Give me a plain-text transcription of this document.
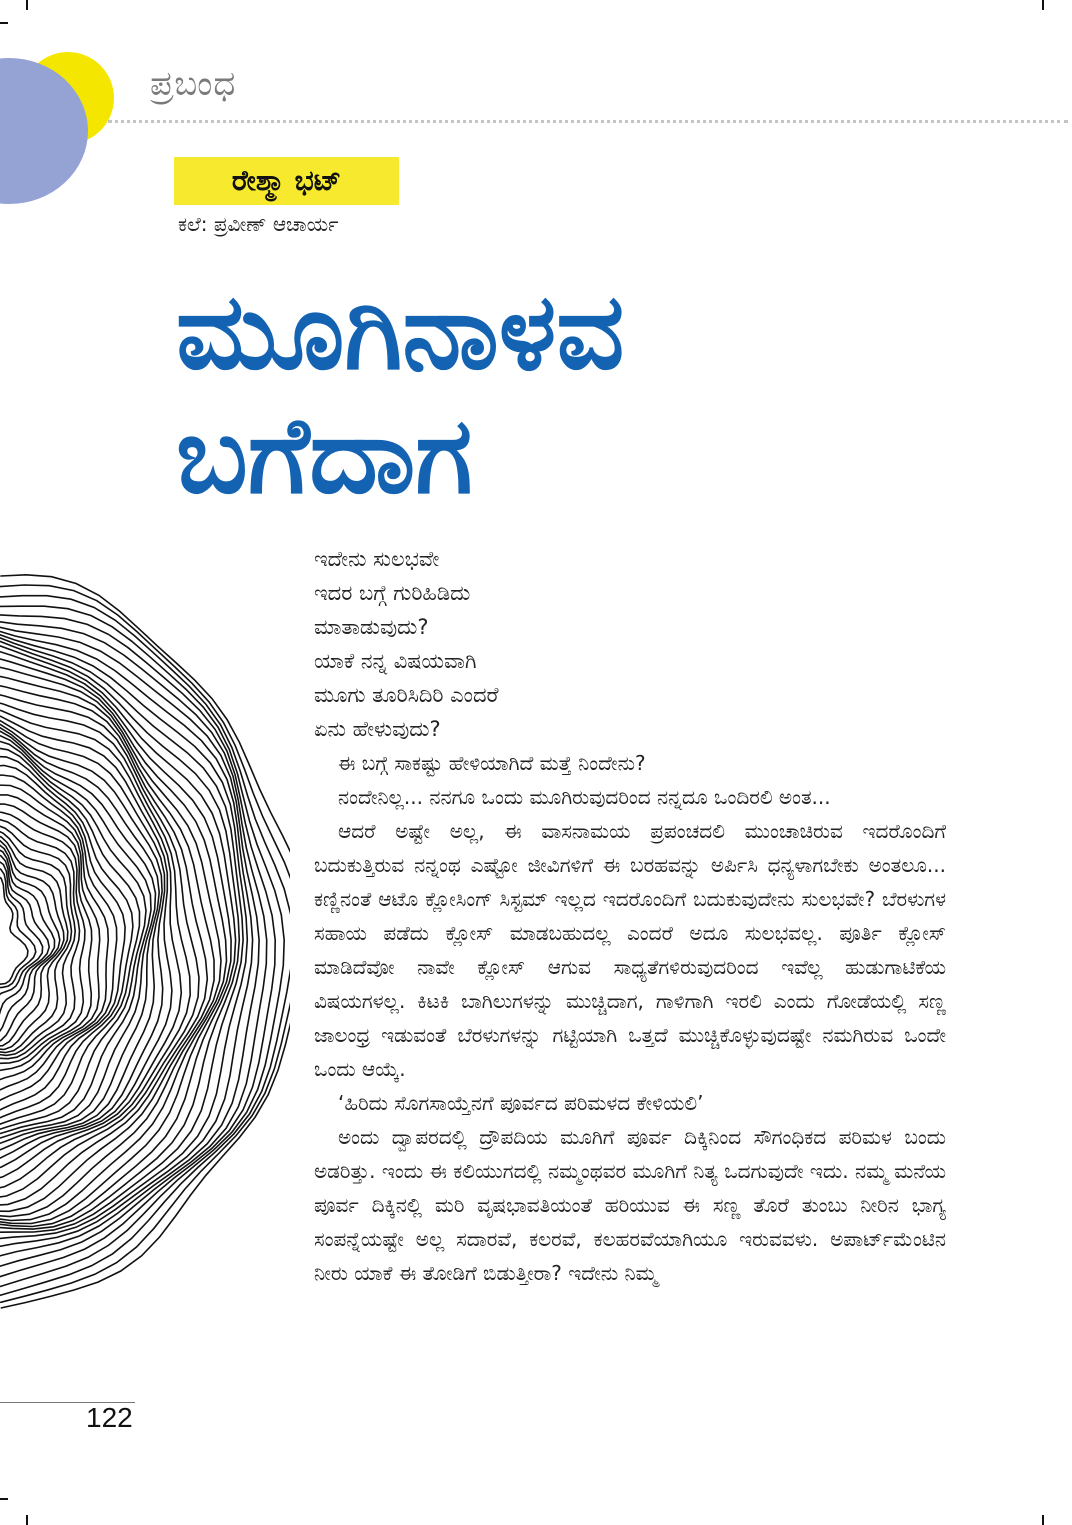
ಪ್ರಬಂಧ
ರೇಶ್ಮಾ ಭಟ್
ಕಲೆ: ಪ್ರವೀಣ್ ಆಚಾರ್ಯ
ಮೂಗಿನಾಳವ
ಬಗೆದಾಗ
ಇದೇನು ಸುಲಭವೇ
ಇದರ ಬಗ್ಗೆ ಗುರಿಹಿಡಿದು
ಮಾತಾಡುವುದು?
ಯಾಕೆ ನನ್ನ ವಿಷಯವಾಗಿ
ಮೂಗು ತೂರಿಸಿದಿರಿ ಎಂದರೆ
ಏನು ಹೇಳುವುದು?

ಈ ಬಗ್ಗೆ ಸಾಕಷ್ಟು ಹೇಳಿಯಾಗಿದೆ ಮತ್ತೆ ನಿಂದೇನು?

ನಂದೇನಿಲ್ಲ... ನನಗೂ ಒಂದು ಮೂಗಿರುವುದರಿಂದ ನನ್ನದೂ ಒಂದಿರಲಿ ಅಂತ...

ಆದರೆ ಅಷ್ಟೇ ಅಲ್ಲ, ಈ ವಾಸನಾಮಯ ಪ್ರಪಂಚದಲಿ ಮುಂಚಾಚಿರುವ ಇದರೊಂದಿಗೆ ಬದುಕುತ್ತಿರುವ ನನ್ನಂಥ ಎಷ್ಟೋ ಜೀವಿಗಳಿಗೆ ಈ ಬರಹವನ್ನು ಅರ್ಪಿಸಿ ಧನ್ಯಳಾಗಬೇಕು ಅಂತಲೂ... ಕಣ್ಣಿನಂತೆ ಆಟೊ ಕ್ಲೋಸಿಂಗ್ ಸಿಸ್ಟಮ್ ಇಲ್ಲದ ಇದರೊಂದಿಗೆ ಬದುಕುವುದೇನು ಸುಲಭವೇ? ಬೆರಳುಗಳ ಸಹಾಯ ಪಡೆದು ಕ್ಲೋಸ್ ಮಾಡಬಹುದಲ್ಲ ಎಂದರೆ ಅದೂ ಸುಲಭವಲ್ಲ. ಪೂರ್ತಿ ಕ್ಲೋಸ್ ಮಾಡಿದೆವೋ ನಾವೇ ಕ್ಲೋಸ್ ಆಗುವ ಸಾಧ್ಯತೆಗಳಿರುವುದರಿಂದ ಇವೆಲ್ಲ ಹುಡುಗಾಟಿಕೆಯ ವಿಷಯಗಳಲ್ಲ. ಕಿಟಕಿ ಬಾಗಿಲುಗಳನ್ನು ಮುಚ್ಚಿದಾಗ, ಗಾಳಿಗಾಗಿ ಇರಲಿ ಎಂದು ಗೋಡೆಯಲ್ಲಿ ಸಣ್ಣ ಜಾಲಂಧ್ರ ಇಡುವಂತೆ ಬೆರಳುಗಳನ್ನು ಗಟ್ಟಿಯಾಗಿ ಒತ್ತದೆ ಮುಚ್ಚಿಕೊಳ್ಳುವುದಷ್ಟೇ ನಮಗಿರುವ ಒಂದೇ ಒಂದು ಆಯ್ಕೆ.

‘ಹಿರಿದು ಸೊಗಸಾಯ್ತೆನಗೆ ಪೂರ್ವದ ಪರಿಮಳದ ಕೇಳಿಯಲಿ’

ಅಂದು ದ್ವಾಪರದಲ್ಲಿ ದ್ರೌಪದಿಯ ಮೂಗಿಗೆ ಪೂರ್ವ ದಿಕ್ಕಿನಿಂದ ಸೌಗಂಧಿಕದ ಪರಿಮಳ ಬಂದು ಅಡರಿತ್ತು. ಇಂದು ಈ ಕಲಿಯುಗದಲ್ಲಿ ನಮ್ಮಂಥವರ ಮೂಗಿಗೆ ನಿತ್ಯ ಒದಗುವುದೇ ಇದು. ನಮ್ಮ ಮನೆಯ ಪೂರ್ವ ದಿಕ್ಕಿನಲ್ಲಿ ಮರಿ ವೃಷಭಾವತಿಯಂತೆ ಹರಿಯುವ ಈ ಸಣ್ಣ ತೊರೆ ತುಂಬು ನೀರಿನ ಭಾಗ್ಯ ಸಂಪನ್ನೆಯಷ್ಟೇ ಅಲ್ಲ ಸದಾರವೆ, ಕಲರವೆ, ಕಲಹರವೆಯಾಗಿಯೂ ಇರುವವಳು. ಅಪಾರ್ಟ್‌ಮೆಂಟಿನ ನೀರು ಯಾಕೆ ಈ ತೋಡಿಗೆ ಬಿಡುತ್ತೀರಾ? ಇದೇನು ನಿಮ್ಮ

122
